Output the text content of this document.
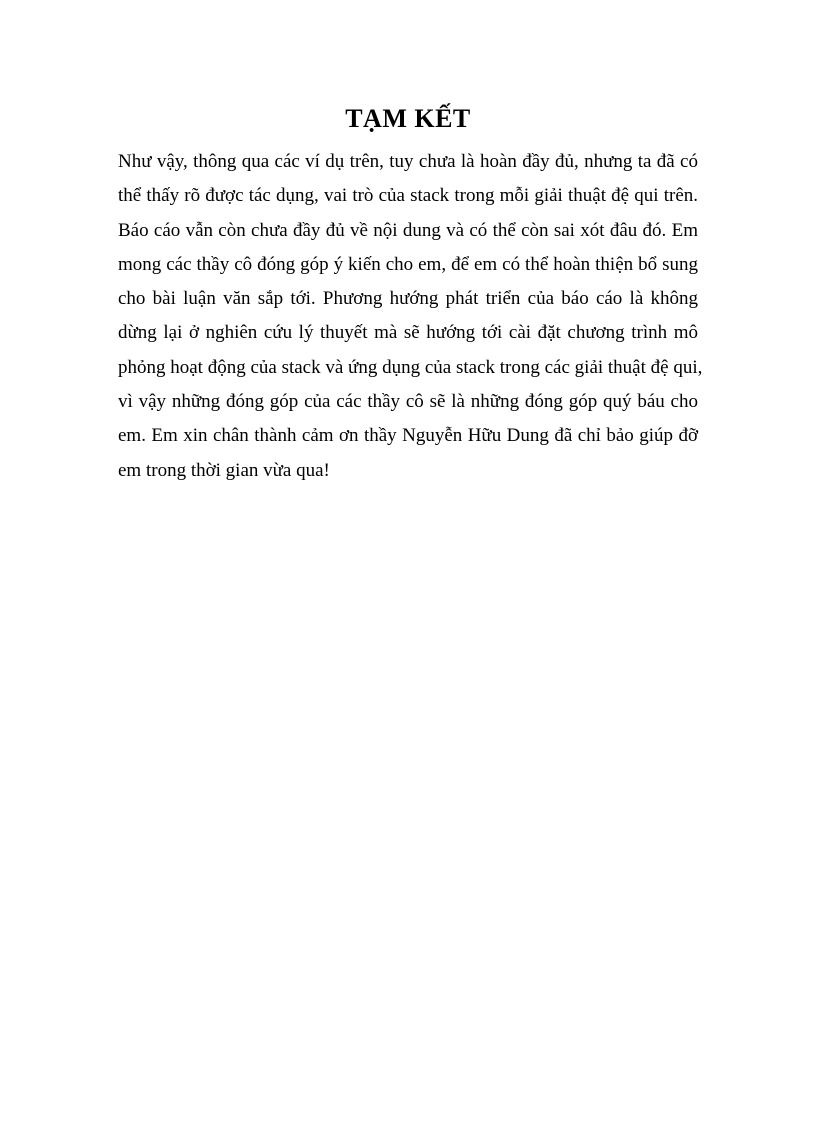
TẠM KẾT
Như vậy, thông qua các ví dụ trên, tuy chưa là hoàn đầy đủ, nhưng ta đã có
thể thấy rõ được tác dụng, vai trò của stack trong mỗi giải thuật đệ qui trên.
Báo cáo vẫn còn chưa đầy đủ về nội dung và có thể còn sai xót đâu đó. Em
mong các thầy cô đóng góp ý kiến cho em, để em có thể hoàn thiện bổ sung
cho bài luận văn sắp tới. Phương hướng phát triển của báo cáo là không
dừng lại ở nghiên cứu lý thuyết mà sẽ hướng tới cài đặt chương trình mô
phỏng hoạt động của stack và ứng dụng của stack trong các giải thuật đệ qui,
vì vậy những đóng góp của các thầy cô sẽ là những đóng góp quý báu cho
em. Em xin chân thành cảm ơn thầy Nguyễn Hữu Dung đã chỉ bảo giúp đỡ
em trong thời gian vừa qua!
